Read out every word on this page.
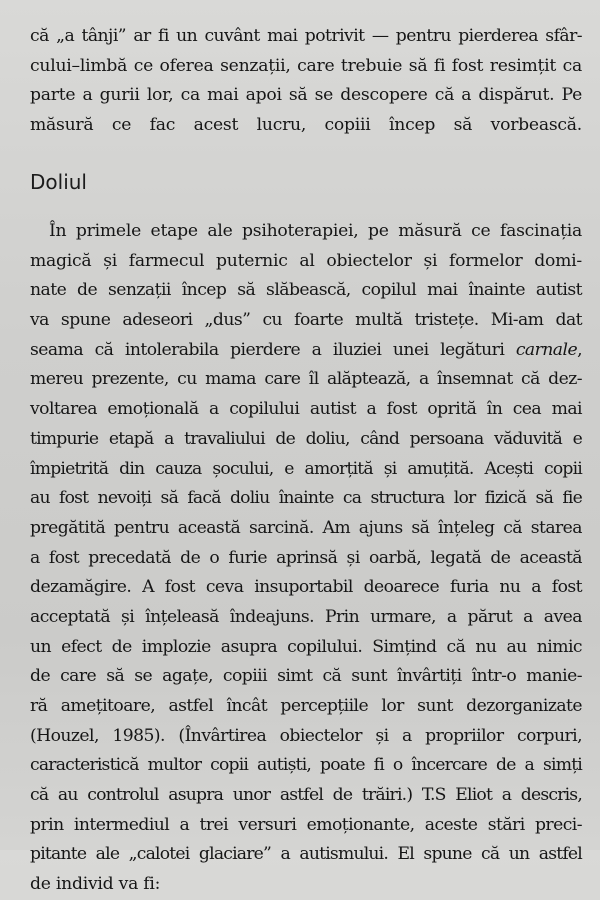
că „a tânji” ar fi un cuvânt mai potrivit — pentru pierderea sfâr-
cului–limbă ce oferea senzații, care trebuie să fi fost resimțit ca
parte a gurii lor, ca mai apoi să se descopere că a dispărut. Pe
măsură ce fac acest lucru, copiii încep să vorbească.

Doliul

În primele etape ale psihoterapiei, pe măsură ce fascinația
magică și farmecul puternic al obiectelor și formelor domi-
nate de senzații încep să slăbească, copilul mai înainte autist
va spune adeseori „dus” cu foarte multă tristețe. Mi-am dat
seama că intolerabila pierdere a iluziei unei legături carnale,
mereu prezente, cu mama care îl alăptează, a însemnat că dez-
voltarea emoțională a copilului autist a fost oprită în cea mai
timpurie etapă a travaliului de doliu, când persoana văduvită e
împietrită din cauza șocului, e amorțită și amuțită. Acești copii
au fost nevoiți să facă doliu înainte ca structura lor fizică să fie
pregătită pentru această sarcină. Am ajuns să înțeleg că starea
a fost precedată de o furie aprinsă și oarbă, legată de această
dezamăgire. A fost ceva insuportabil deoarece furia nu a fost
acceptată și înțeleasă îndeajuns. Prin urmare, a părut a avea
un efect de implozie asupra copilului. Simțind că nu au nimic
de care să se agațe, copiii simt că sunt învârtiți într-o manie-
ră amețitoare, astfel încât percepțiile lor sunt dezorganizate
(Houzel, 1985). (Învârtirea obiectelor și a propriilor corpuri,
caracteristică multor copii autiști, poate fi o încercare de a simți
că au controlul asupra unor astfel de trăiri.) T.S Eliot a descris,
prin intermediul a trei versuri emoționante, aceste stări preci-
pitante ale „calotei glaciare” a autismului. El spune că un astfel
de individ va fi:
